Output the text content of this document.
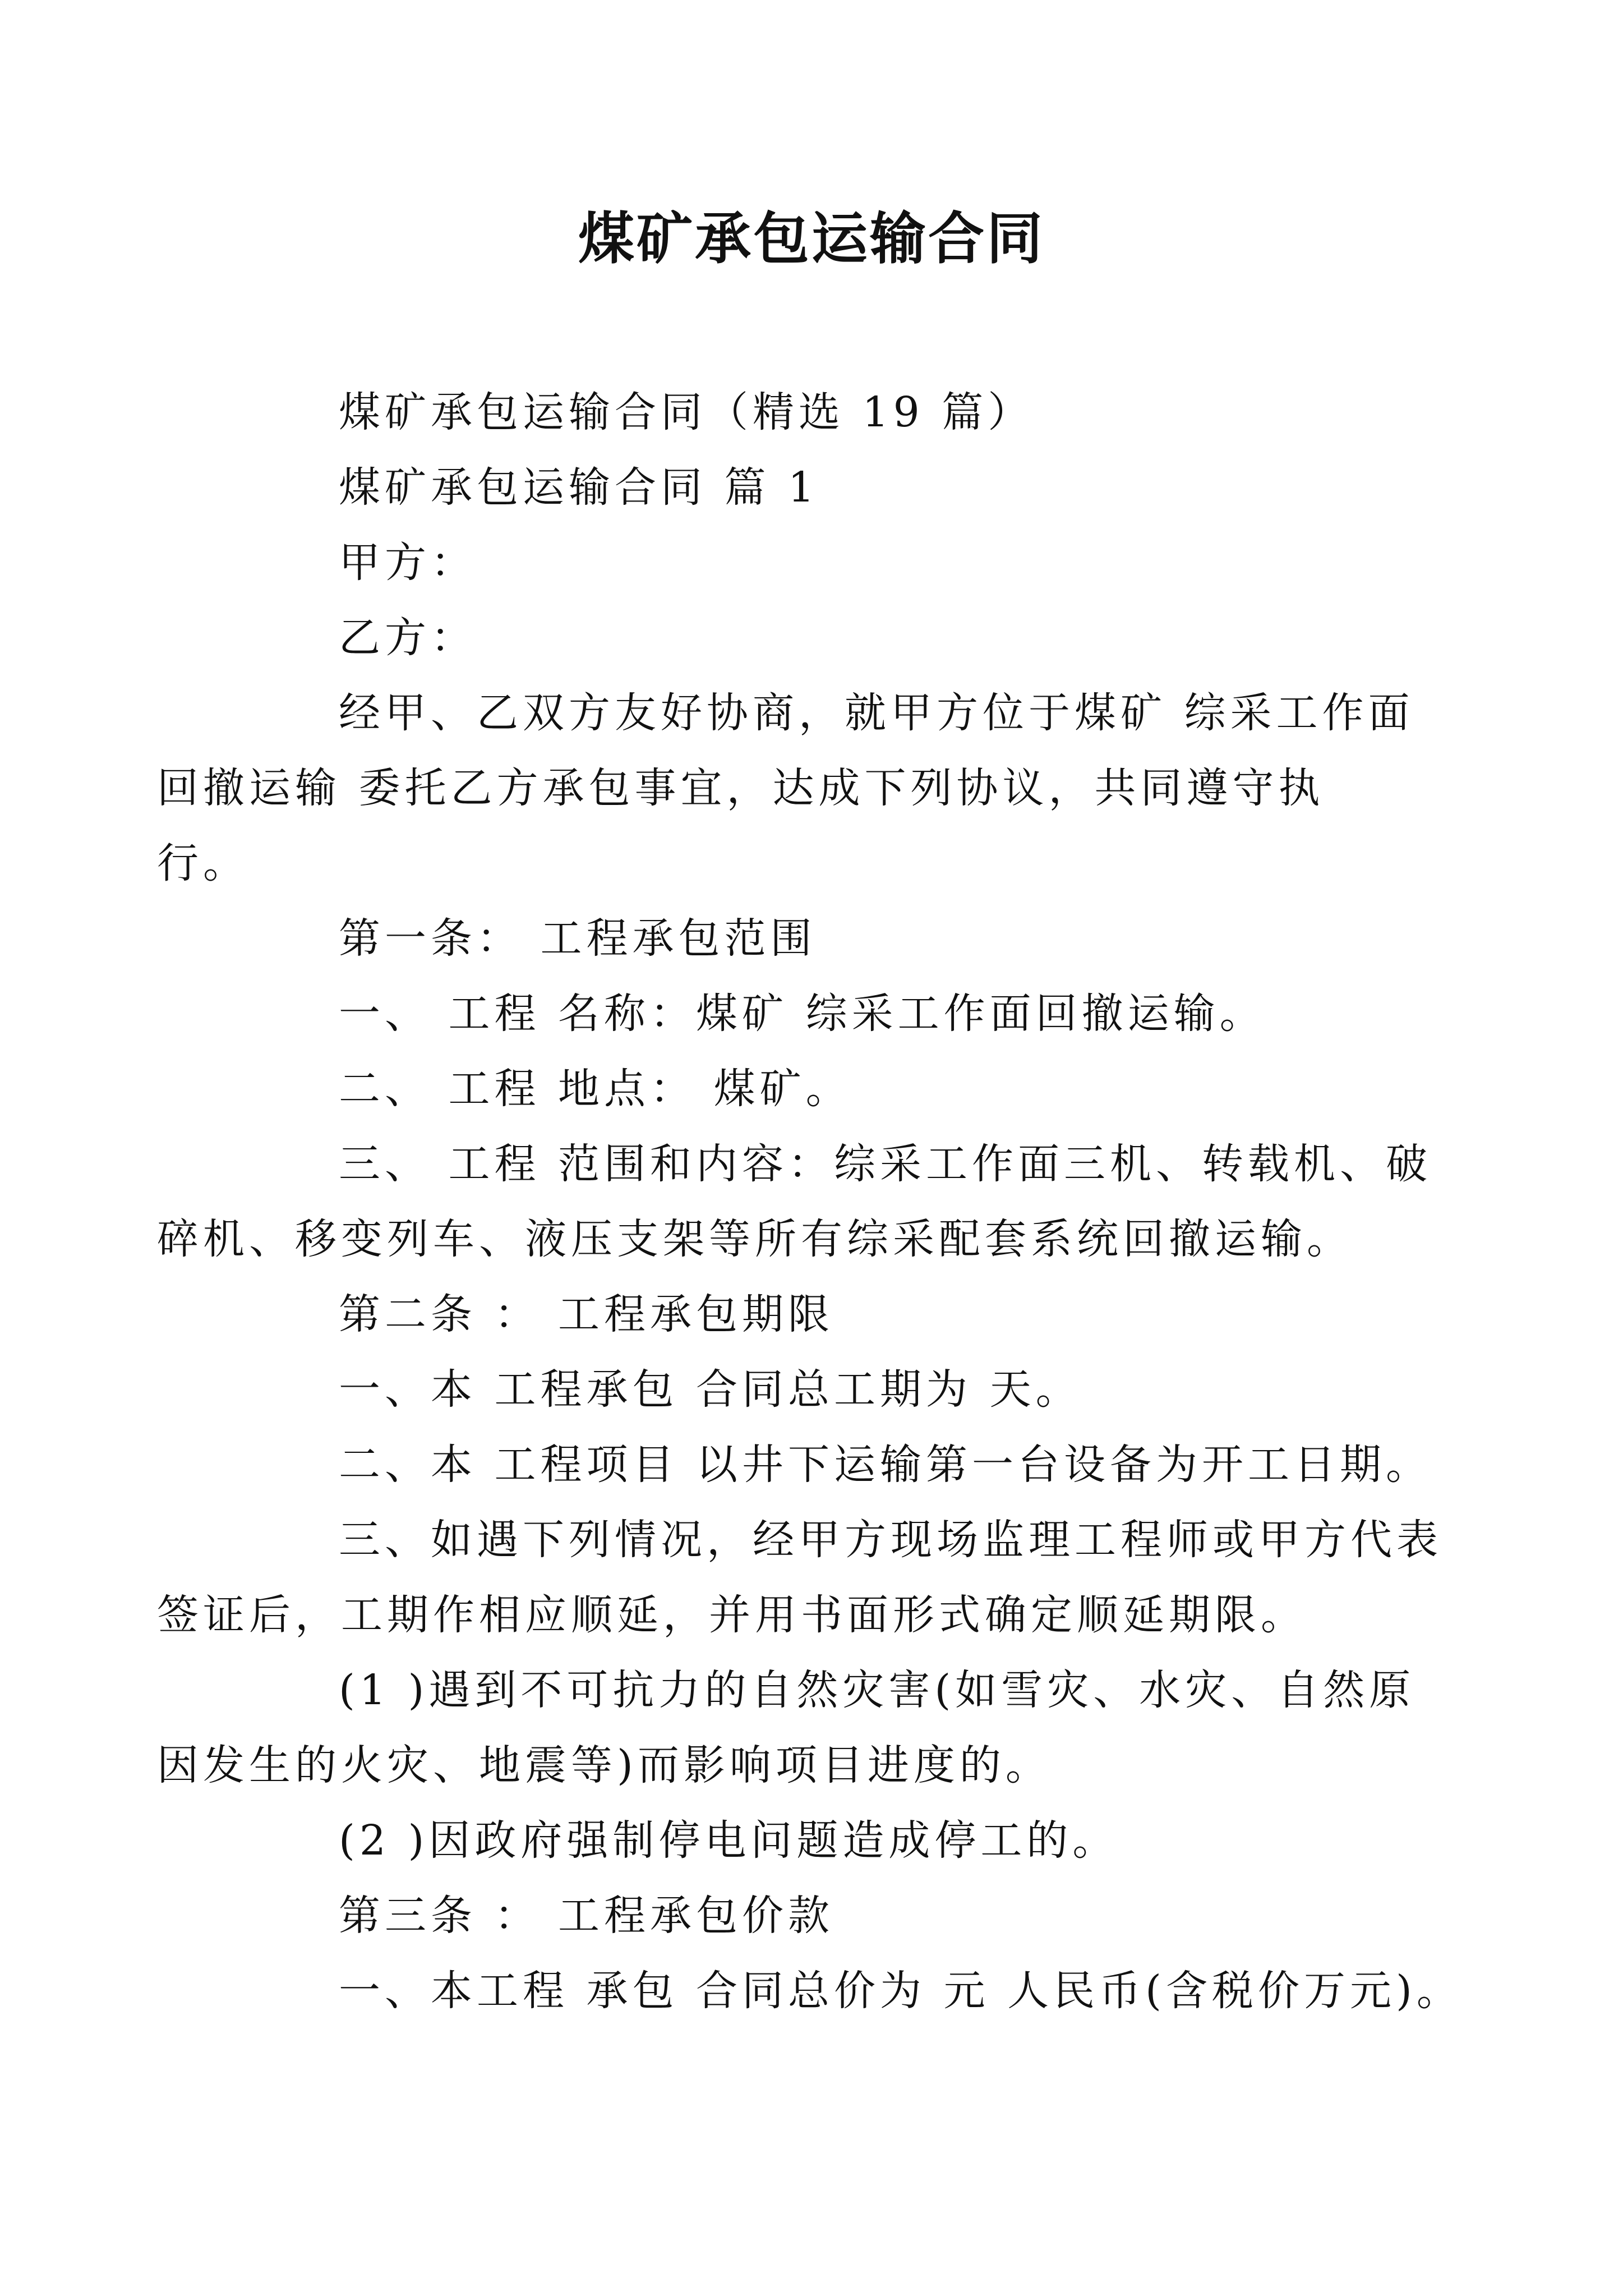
煤矿承包运输合同
煤矿承包运输合同（精选 19 篇）
煤矿承包运输合同 篇 1
甲方：
乙方：
经甲、乙双方友好协商，就甲方位于煤矿 综采工作面
回撤运输 委托乙方承包事宜，达成下列协议，共同遵守执
行。
第一条： 工程承包范围
一、 工程 名称：煤矿 综采工作面回撤运输。
二、 工程 地点： 煤矿。
三、 工程 范围和内容：综采工作面三机、转载机、破
碎机、移变列车、液压支架等所有综采配套系统回撤运输。
第二条 ： 工程承包期限
一、本 工程承包 合同总工期为 天。
二、本 工程项目 以井下运输第一台设备为开工日期。
三、如遇下列情况，经甲方现场监理工程师或甲方代表
签证后，工期作相应顺延，并用书面形式确定顺延期限。
(1 )遇到不可抗力的自然灾害(如雪灾、水灾、自然原
因发生的火灾、地震等)而影响项目进度的。
(2 )因政府强制停电问题造成停工的。
第三条 ： 工程承包价款
一、本工程 承包 合同总价为 元 人民币(含税价万元)。
